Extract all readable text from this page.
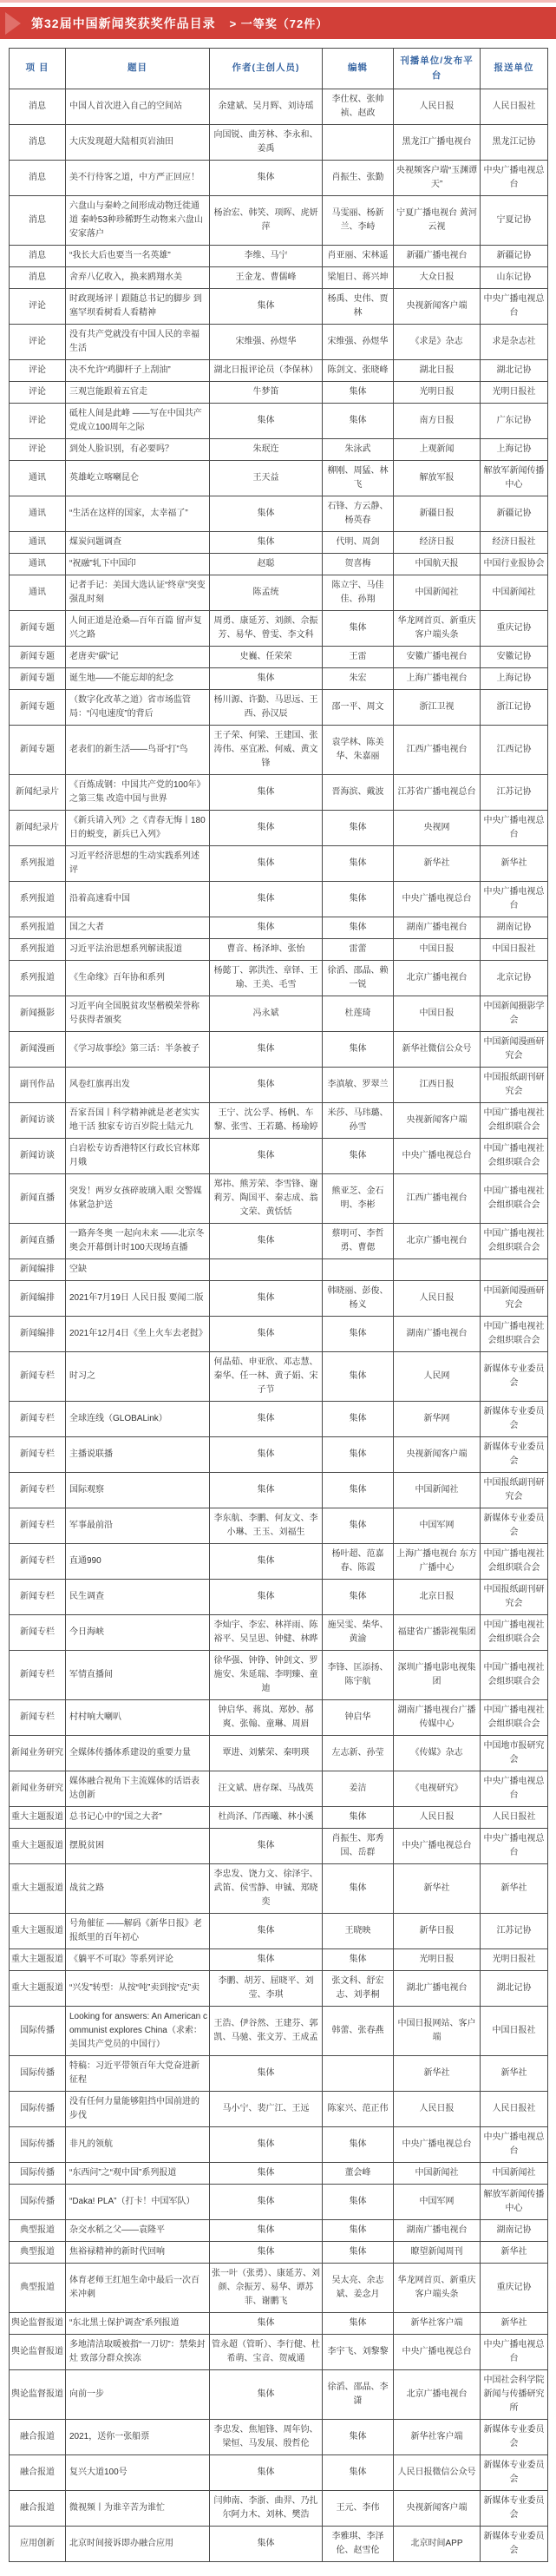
第32届中国新闻奖获奖作品目录 > 一等奖（72件）
项 目	题目	作者(主创人员)	编辑	刊播单位/发布平台	报送单位
消息	中国人首次进入自己的空间站	余建斌、吴月辉、刘诗瑶	李仕权、张帅祯、赵政	人民日报	人民日报社
消息	大庆发现超大陆相页岩油田	向国锐、曲芳林、李永和、姜禹		黑龙江广播电视台	黑龙江记协
消息	美不行待客之道，中方严正回应！	集体	肖振生、张勤	央视频客户端“玉渊谭天”	中央广播电视总台
消息	六盘山与秦岭之间形成动物迁徙通道 秦岭53种珍稀野生动物来六盘山安家落户	杨治宏、韩笑、项晖、虎妍萍	马雯丽、杨新兰、李峙	宁夏广播电视台 黄河云视	宁夏记协
消息	“我长大后也要当一名英雄”	李维、马宁	肖亚丽、宋林遥	新疆广播电视台	新疆记协
消息	舍弃八亿收入，换来鸥翔水美	王金龙、曹儒峰	梁旭日、蒋兴坤	大众日报	山东记协
评论	时政现场评丨跟随总书记的脚步 到塞罕坝看树看人看精神	集体	杨禹、史伟、贾林	央视新闻客户端	中央广播电视总台
评论	没有共产党就没有中国人民的幸福生活	宋维强、孙煜华	宋维强、孙煜华	《求是》杂志	求是杂志社
评论	决不允许“鸡脚杆子上刮油”	湖北日报评论员（李保林）	陈剑文、张晓峰	湖北日报	湖北记协
评论	三观岂能跟着五官走	牛梦笛	集体	光明日报	光明日报社
评论	砥柱人间是此峰 ——写在中国共产党成立100周年之际	集体	集体	南方日报	广东记协
评论	到处人脸识别，有必要吗？	朱珉迕	朱泳武	上观新闻	上海记协
通讯	英雄屹立喀喇昆仑	王天益	柳刚、周猛、林飞	解放军报	解放军新闻传播中心
通讯	“生活在这样的国家，太幸福了”	集体	石锋、方云静、杨英春	新疆日报	新疆记协
通讯	煤炭问题调查	集体	代明、周剑	经济日报	经济日报社
通讯	“祝融”轧下中国印	赵聪	贺喜梅	中国航天报	中国行业报协会
通讯	记者手记：美国大选认证“终章”突变强乱时刻	陈孟统	陈立宇、马佳佳、孙翔	中国新闻社	中国新闻社
新闻专题	人间正道是沧桑—百年百篇 留声复兴之路	周勇、康延芳、刘颜、佘振芳、易华、曾雯、李文科	集体	华龙网首页、新重庆客户端头条	重庆记协
新闻专题	老唐卖“碳”记	史巍、任荣荣	王雷	安徽广播电视台	安徽记协
新闻专题	诞生地——不能忘却的纪念	集体	朱宏	上海广播电视台	上海记协
新闻专题	（数字化改革之道）省市场监管局：“闪电速度”的背后	杨川源、许勤、马思远、王西、孙汉辰	邵一平、周文	浙江卫视	浙江记协
新闻专题	老表们的新生活——鸟哥“打”鸟	王子荣、何梁、王建国、张涛伟、巫宜凇、何威、黄文锋	袁学林、陈美华、朱嘉丽	江西广播电视台	江西记协
新闻纪录片	《百炼成钢：中国共产党的100年》之第三集 改造中国与世界	集体	晋海滨、戴波	江苏省广播电视总台	江苏记协
新闻纪录片	《新兵请入列》之《青春无悔丨180日的蜕变，新兵已入列》	集体	集体	央视网	中央广播电视总台
系列报道	习近平经济思想的生动实践系列述评	集体	集体	新华社	新华社
系列报道	沿着高速看中国	集体	集体	中央广播电视总台	中央广播电视总台
系列报道	国之大者	集体	集体	湖南广播电视台	湖南记协
系列报道	习近平法治思想系列解读报道	曹音、杨泽坤、张怡	雷蕾	中国日报	中国日报社
系列报道	《生命缘》百年协和系列	杨懿丁、郭洪泩、章铎、王瑜、王美、毛雪	徐滔、邵晶、赖一锐	北京广播电视台	北京记协
新闻摄影	习近平向全国脱贫攻坚楷模荣誉称号获得者颁奖	冯永斌	杜莲琦	中国日报	中国新闻摄影学会
新闻漫画	《学习故事绘》第三话：半条被子	集体	集体	新华社微信公众号	中国新闻漫画研究会
副刊作品	风卷红旗再出发	集体	李滇敏、罗翠兰	江西日报	中国报纸副刊研究会
新闻访谈	吾家吾国丨科学精神就是老老实实地干活 独家专访百岁院士陆元九	王宁、沈公孚、杨帆、车黎、张雪、王若璐、杨瑜婷	米莎、马玮璐、孙雪	央视新闻客户端	中国广播电视社会组织联合会
新闻访谈	白岩松专访香港特区行政长官林郑月娥	集体	集体	中央广播电视总台	中国广播电视社会组织联合会
新闻直播	突发！两岁女孩碎玻璃入眼 交警媒体紧急护送	郑祎、熊芳荣、李雪锋、谢莉芳、陶国平、秦志成、翁文荣、黄恬恬	熊亚芝、金石明、李彬	江西广播电视台	中国广播电视社会组织联合会
新闻直播	一路奔冬奥 一起向未来 ——北京冬奥会开幕倒计时100天现场直播	集体	蔡明可、李哲勇、曹偲	北京广播电视台	中国广播电视社会组织联合会
新闻编排	空缺				
新闻编排	2021年7月19日 人民日报 要闻二版	集体	韩晓丽、彭俊、杨义	人民日报	中国新闻漫画研究会
新闻编排	2021年12月4日《坐上火车去老挝》	集体	集体	湖南广播电视台	中国广播电视社会组织联合会
新闻专栏	时习之	何晶茹、申亚欣、邓志慧、秦华、任一林、黄子娟、宋子节	集体	人民网	新媒体专业委员会
新闻专栏	全球连线（GLOBALink）	集体	集体	新华网	新媒体专业委员会
新闻专栏	主播说联播	集体	集体	央视新闻客户端	新媒体专业委员会
新闻专栏	国际观察	集体	集体	中国新闻社	中国报纸副刊研究会
新闻专栏	军事最前沿	李东航、李鹏、何友文、李小琳、王玉、刘福生	集体	中国军网	新媒体专业委员会
新闻专栏	直通990	集体	杨叶超、范嘉春、陈霞	上海广播电视台 东方广播中心	中国广播电视社会组织联合会
新闻专栏	民生调查	集体	集体	北京日报	中国报纸副刊研究会
新闻专栏	今日海峡	李灿宇、李宏、林祥雨、陈裕平、吴呈思、钟健、林晔	施吴雯、柴华、黄渝	福建省广播影视集团	中国广播电视社会组织联合会
新闻专栏	军情直播间	徐华强、钟铮、钟剑文、罗施安、朱延瑞、李明臻、童迪	李锋、匡添扬、陈宇航	深圳广播电影电视集团	中国广播电视社会组织联合会
新闻专栏	村村响大喇叭	钟启华、蒋岚、郑妙、郝爽、张翰、童琳、周眉	钟启华	湖南广播电视台广播传媒中心	中国广播电视社会组织联合会
新闻业务研究	全媒体传播体系建设的重要力量	覃进、刘紫荣、秦明瑛	左志新、孙莹	《传媒》杂志	中国地市报研究会
新闻业务研究	媒体融合视角下主流媒体的话语表达创新	汪文斌、唐存琛、马战英	姜洁	《电视研究》	中央广播电视总台
重大主题报道	总书记心中的“国之大者”	杜尚泽、邝西曦、林小溪	集体	人民日报	人民日报社
重大主题报道	摆脱贫困	集体	肖振生、郑秀国、岳群	中央广播电视总台	中央广播电视总台
重大主题报道	战贫之路	李忠发、饶力文、徐泽宇、武笛、侯雪静、申铖、郑晓奕	集体	新华社	新华社
重大主题报道	号角催征 ——解码《新华日报》老报纸里的百年初心	集体	王晓映	新华日报	江苏记协
重大主题报道	《躺平不可取》等系列评论	集体	集体	光明日报	光明日报社
重大主题报道	“兴发”转型：从按“吨”卖到按“克”卖	李鹏、胡芳、屈晓平、刘莹、李琪	张文科、舒宏志、刘孝桐	湖北广播电视台	湖北记协
国际传播	Looking for answers: An American communist explores China（求索：美国共产党员的中国行）	王浩、伊谷然、王建芬、郭凯、马驰、张文芳、王成孟	韩蕾、张春燕	中国日报网站、客户端	中国日报社
国际传播	特稿：习近平带领百年大党奋进新征程	集体		新华社	新华社
国际传播	没有任何力量能够阻挡中国前进的步伐	马小宁、裴广江、王远	陈家兴、范正伟	人民日报	人民日报社
国际传播	非凡的领航	集体	集体	中央广播电视总台	中央广播电视总台
国际传播	“东西问”之“观中国”系列报道	集体	董会峰	中国新闻社	中国新闻社
国际传播	“Daka! PLA”（打卡！中国军队）	集体	集体	中国军网	解放军新闻传播中心
典型报道	杂交水稻之父——袁隆平	集体	集体	湖南广播电视台	湖南记协
典型报道	焦裕禄精神的新时代回响	集体	集体	瞭望新闻周刊	新华社
典型报道	体育老师王红旭生命中最后一次百米冲刺	张一叶（张勇）、康延芳、刘颜、佘振芳、易华、谭苏菲、谢鹏飞	吴太亮、余志斌、姜念月	华龙网首页、新重庆客户端头条	重庆记协
舆论监督报道	“东北黑土保护调查”系列报道	集体	集体	新华社客户端	新华社
舆论监督报道	多地清洁取暖被指“一刀切”：禁柴封灶 致部分群众挨冻	管永超（管昕）、李行健、杜希萌、宝音、贺威通	李宇飞、刘黎黎	中央广播电视总台	中央广播电视总台
舆论监督报道	向前一步	集体	徐滔、邵晶、李潇	北京广播电视台	中国社会科学院新闻与传播研究所
融合报道	2021，送你一张船票	李忠发、焦旭锋、周年钧、梁恒、马发展、殷哲伦	集体	新华社客户端	新媒体专业委员会
融合报道	复兴大道100号	集体	集体	人民日报微信公众号	新媒体专业委员会
融合报道	微视频丨为谁辛苦为谁忙	闫帅南、李浙、曲羿、乃扎尔阿力木、刘林、樊浩	王元、李伟	央视新闻客户端	新媒体专业委员会
应用创新	北京时间接诉即办融合应用	集体	李雅琪、李泽伦、赵雪伦	北京时间APP	新媒体专业委员会
